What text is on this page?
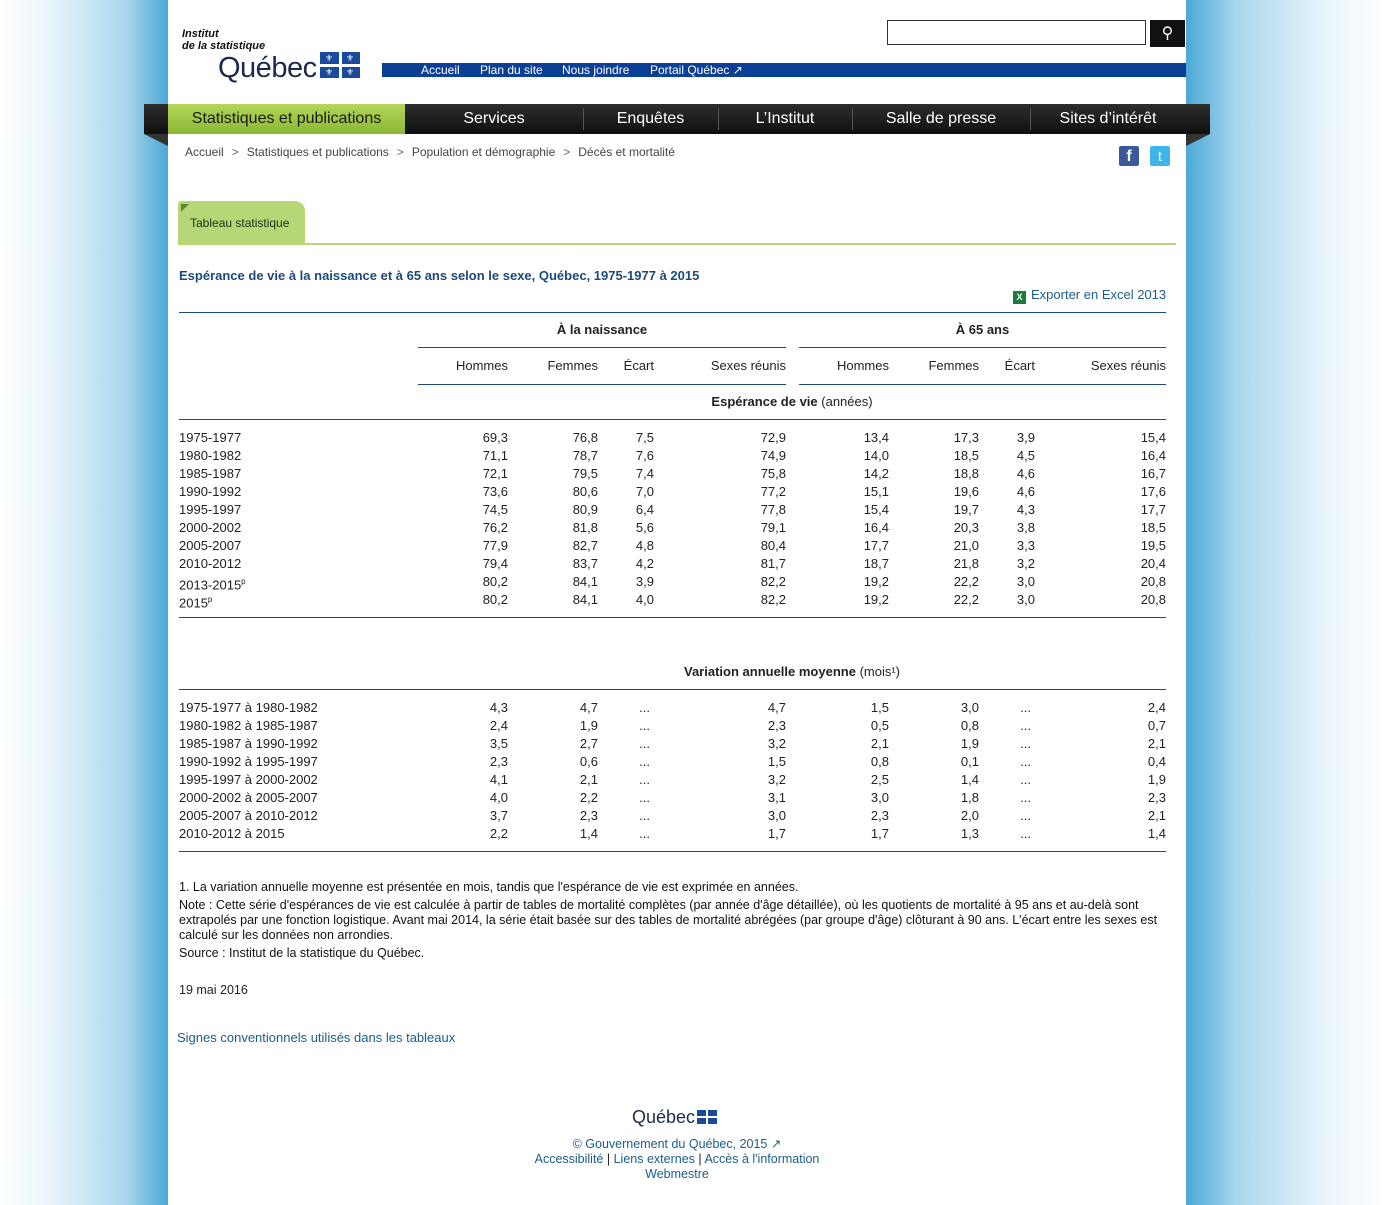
Institut
de la statistique
Québec ⚜ ⚜
⚜ ⚜
⚲
Accueil Plan du site Nous joindre Portail Québec ↗
Statistiques et publications	Services	Enquêtes	L’Institut	Salle de presse	Sites d’intérêt
Accueil > Statistiques et publications > Population et démographie > Décès et mortalité	f	t
Tableau statistique
Espérance de vie à la naissance et à 65 ans selon le sexe, Québec, 1975-1977 à 2015
X Exporter en Excel 2013
À la naissance	À 65 ans
Hommes	Femmes	Écart	Sexes réunis	Hommes	Femmes	Écart	Sexes réunis
Espérance de vie (années)
1975-1977	69,3	76,8	7,5	72,9	13,4	17,3	3,9	15,4
1980-1982	71,1	78,7	7,6	74,9	14,0	18,5	4,5	16,4
1985-1987	72,1	79,5	7,4	75,8	14,2	18,8	4,6	16,7
1990-1992	73,6	80,6	7,0	77,2	15,1	19,6	4,6	17,6
1995-1997	74,5	80,9	6,4	77,8	15,4	19,7	4,3	17,7
2000-2002	76,2	81,8	5,6	79,1	16,4	20,3	3,8	18,5
2005-2007	77,9	82,7	4,8	80,4	17,7	21,0	3,3	19,5
2010-2012	79,4	83,7	4,2	81,7	18,7	21,8	3,2	20,4
2013-2015$^p$	80,2	84,1	3,9	82,2	19,2	22,2	3,0	20,8
2015$^p$	80,2	84,1	4,0	82,2	19,2	22,2	3,0	20,8
Variation annuelle moyenne (mois¹)
1975-1977 à 1980-1982	4,3	4,7	...	4,7	1,5	3,0	...	2,4
1980-1982 à 1985-1987	2,4	1,9	...	2,3	0,5	0,8	...	0,7
1985-1987 à 1990-1992	3,5	2,7	...	3,2	2,1	1,9	...	2,1
1990-1992 à 1995-1997	2,3	0,6	...	1,5	0,8	0,1	...	0,4
1995-1997 à 2000-2002	4,1	2,1	...	3,2	2,5	1,4	...	1,9
2000-2002 à 2005-2007	4,0	2,2	...	3,1	3,0	1,8	...	2,3
2005-2007 à 2010-2012	3,7	2,3	...	3,0	2,3	2,0	...	2,1
2010-2012 à 2015	2,2	1,4	...	1,7	1,7	1,3	...	1,4

1. La variation annuelle moyenne est présentée en mois, tandis que l'espérance de vie est exprimée en années.

Note : Cette série d'espérances de vie est calculée à partir de tables de mortalité complètes (par année d'âge détaillée), où les quotients de mortalité à 95 ans et au-delà sont extrapolés par une fonction logistique. Avant mai 2014, la série était basée sur des tables de mortalité abrégées (par groupe d'âge) clôturant à 90 ans. L'écart entre les sexes est calculé sur les données non arrondies.

Source : Institut de la statistique du Québec.

19 mai 2016
Signes conventionnels utilisés dans les tableaux
Québec
© Gouvernement du Québec, 2015 ↗
Accessibilité | Liens externes | Accès à l'information
Webmestre
